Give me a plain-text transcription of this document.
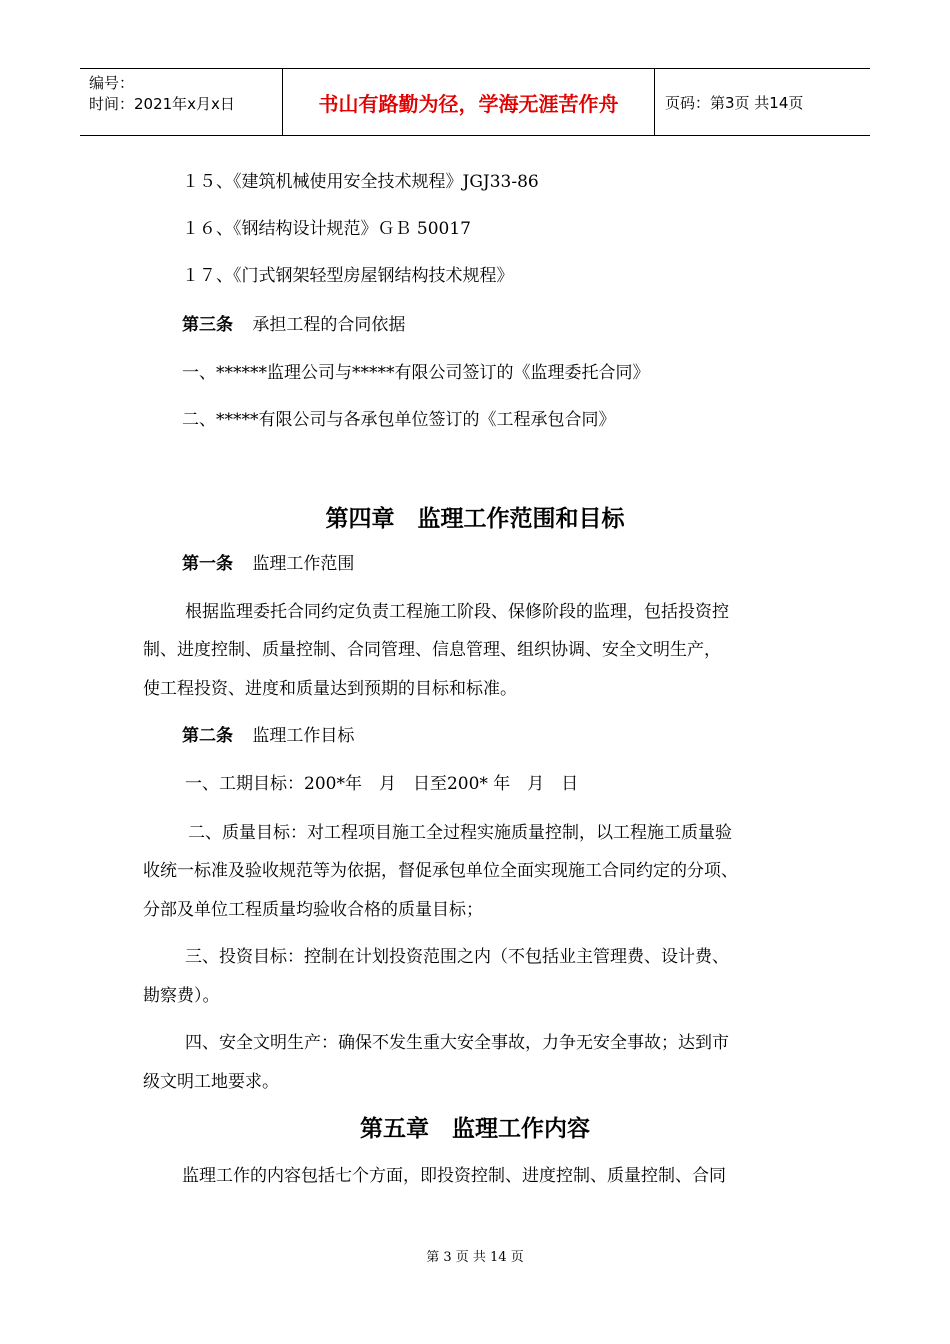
编号：
时间：2021年x月x日	书山有路勤为径，学海无涯苦作舟	页码：第3页 共14页
１５、《建筑机械使用安全技术规程》JGJ33-86
１６、《钢结构设计规范》ＧＢ 50017
１７、《门式钢架轻型房屋钢结构技术规程》
第三条 承担工程的合同依据
一、******监理公司与*****有限公司签订的《监理委托合同》
二、*****有限公司与各承包单位签订的《工程承包合同》
第四章　监理工作范围和目标
第一条 监理工作范围
根据监理委托合同约定负责工程施工阶段、保修阶段的监理，包括投资控
制、进度控制、质量控制、合同管理、信息管理、组织协调、安全文明生产，
使工程投资、进度和质量达到预期的目标和标准。
第二条 监理工作目标
一、工期目标：200*年　月　日至200* 年　月　日
二、质量目标：对工程项目施工全过程实施质量控制，以工程施工质量验
收统一标准及验收规范等为依据，督促承包单位全面实现施工合同约定的分项、
分部及单位工程质量均验收合格的质量目标；
三、投资目标：控制在计划投资范围之内（不包括业主管理费、设计费、
勘察费）。
四、安全文明生产：确保不发生重大安全事故，力争无安全事故；达到市
级文明工地要求。
第五章　监理工作内容
监理工作的内容包括七个方面，即投资控制、进度控制、质量控制、合同
第 3 页 共 14 页
